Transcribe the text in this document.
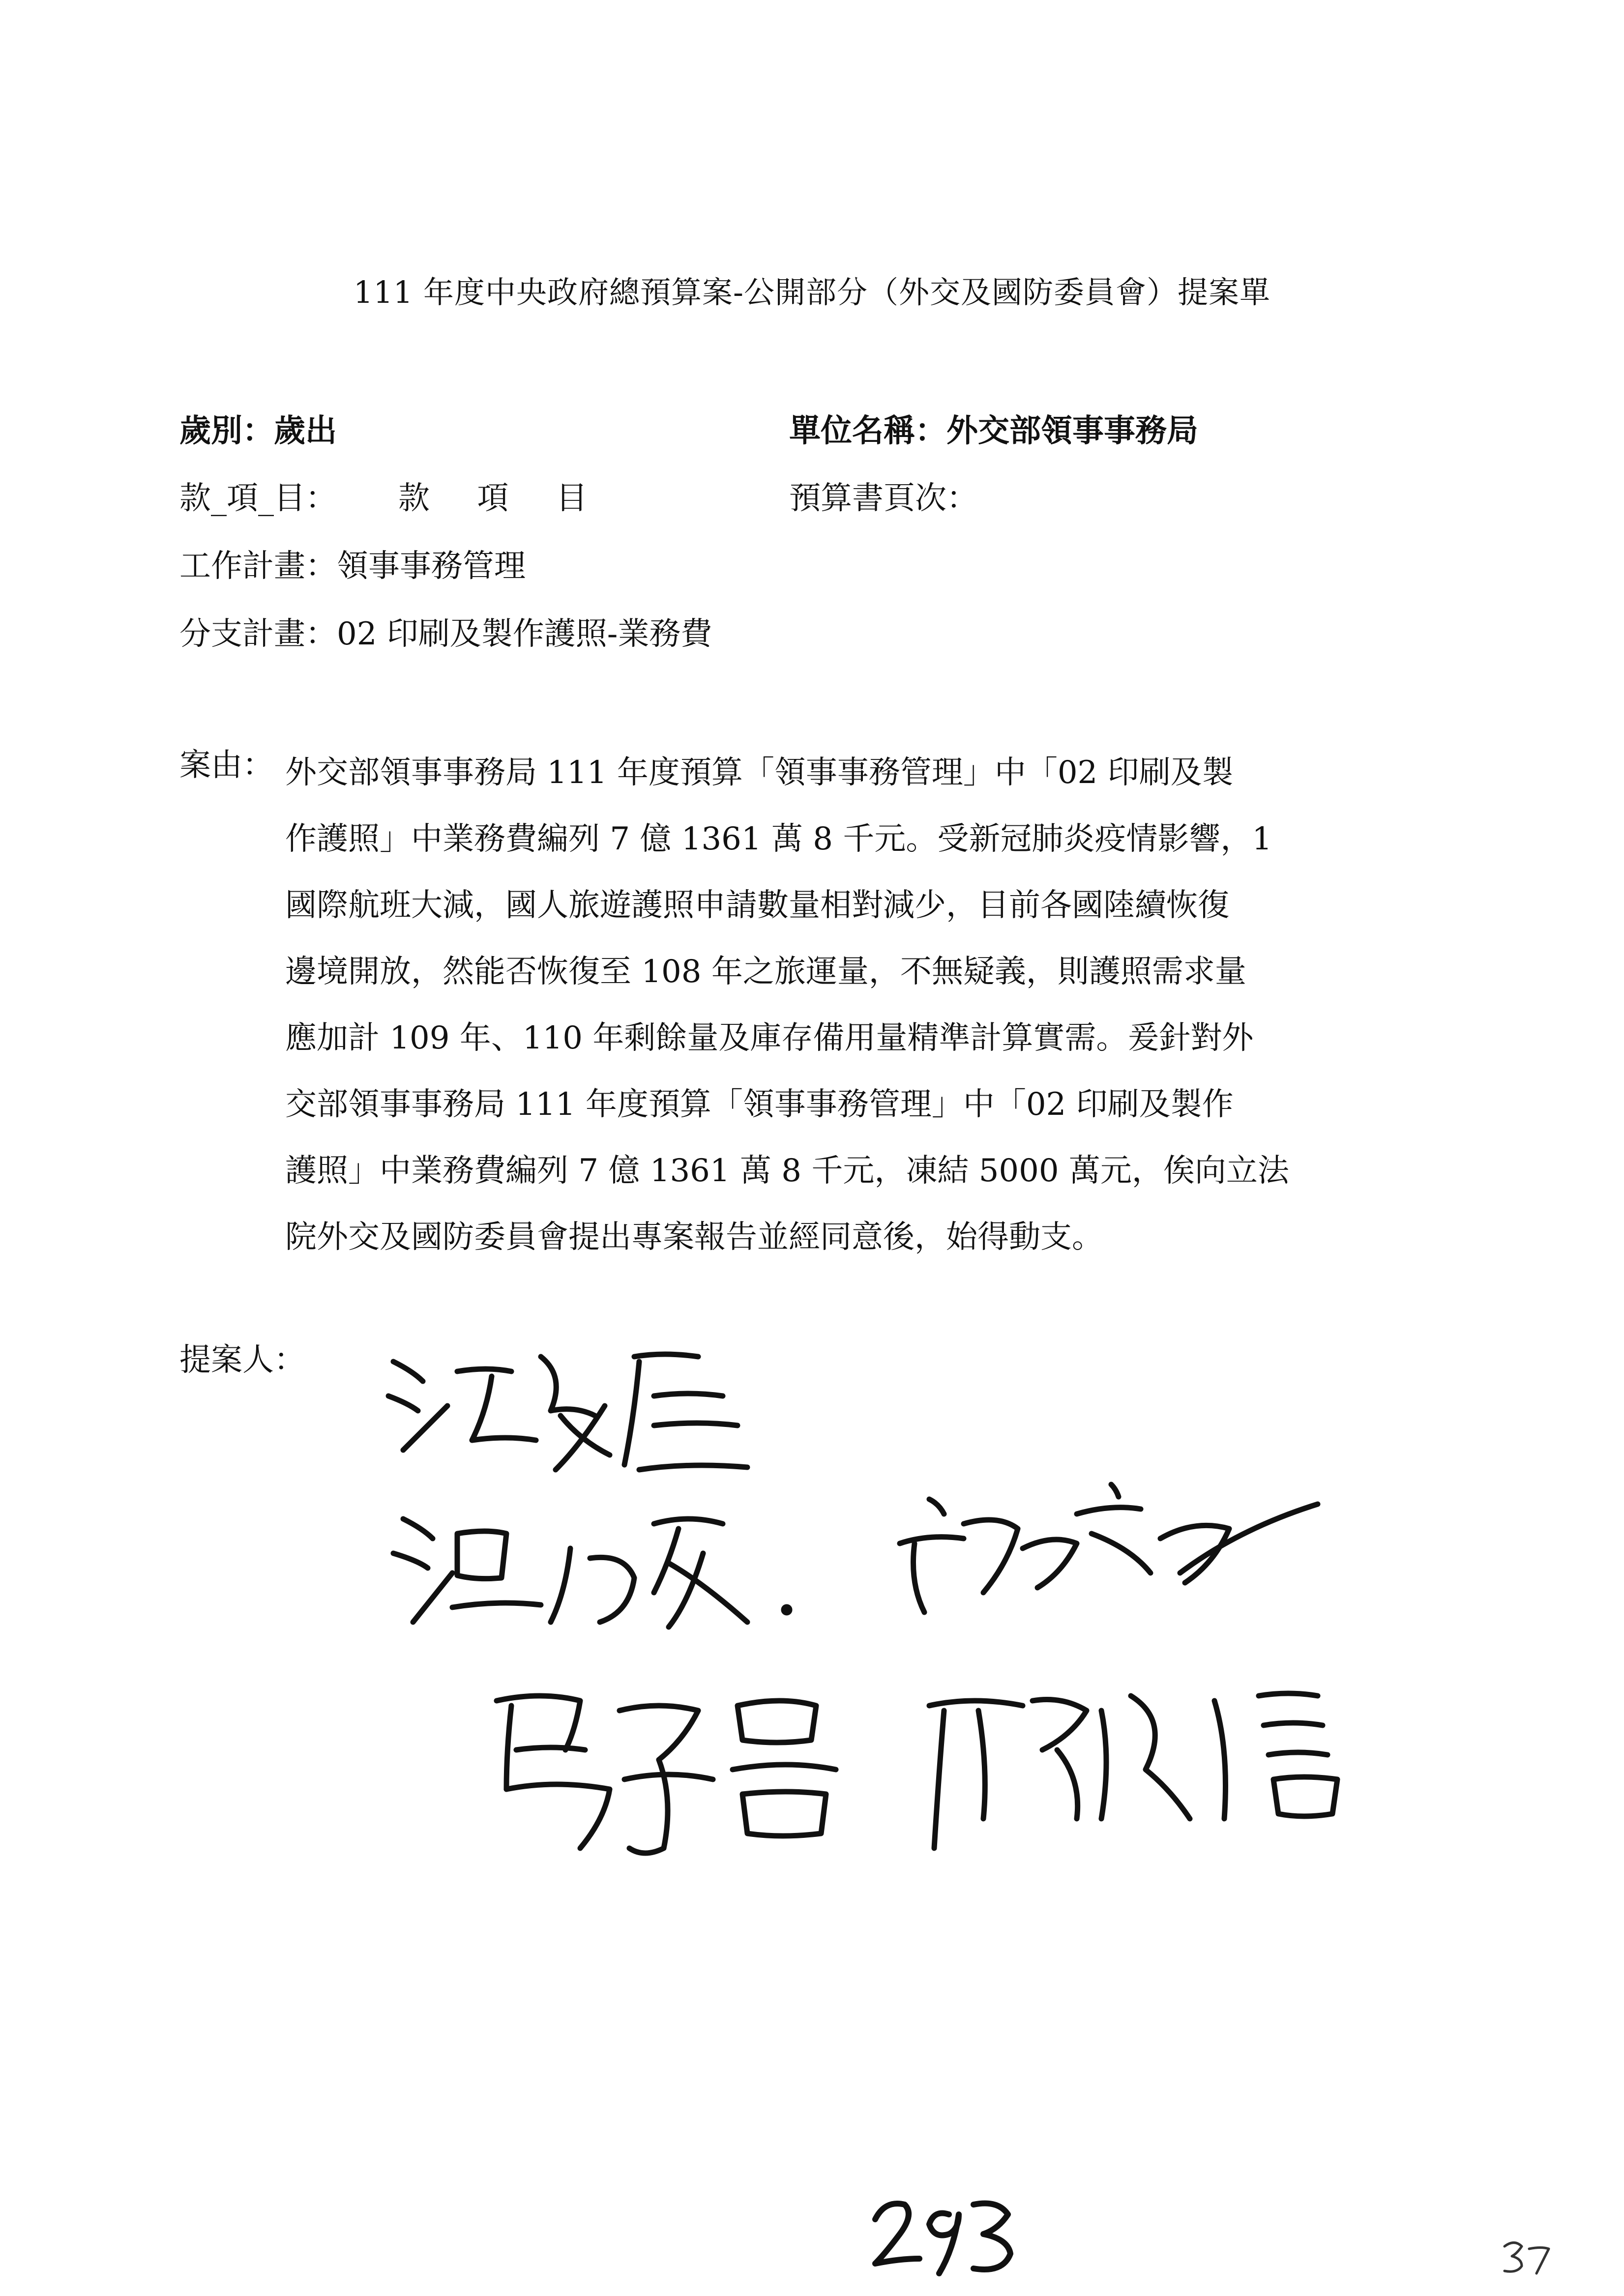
111 年度中央政府總預算案-公開部分（外交及國防委員會）提案單
歲別：歲出	單位名稱：外交部領事事務局
款_項_目： 款 項 目	預算書頁次：
工作計畫：領事事務管理
分支計畫：02 印刷及製作護照-業務費
案由： 外交部領事事務局 111 年度預算「領事事務管理」中「02 印刷及製
作護照」中業務費編列 7 億 1361 萬 8 千元。受新冠肺炎疫情影響，1
國際航班大減，國人旅遊護照申請數量相對減少，目前各國陸續恢復
邊境開放，然能否恢復至 108 年之旅運量，不無疑義，則護照需求量
應加計 109 年、110 年剩餘量及庫存備用量精準計算實需。爰針對外
交部領事事務局 111 年度預算「領事事務管理」中「02 印刷及製作
護照」中業務費編列 7 億 1361 萬 8 千元，凍結 5000 萬元，俟向立法
院外交及國防委員會提出專案報告並經同意後，始得動支。
提案人：
